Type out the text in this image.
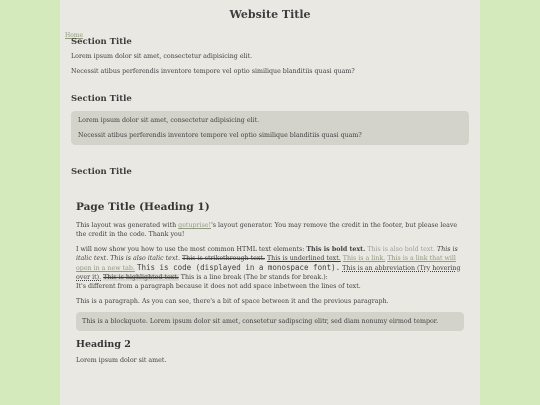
Website Title
Home
Section Title

Lorem ipsum dolor sit amet, consectetur adipisicing elit.

Necessit atibus perferendis inventore tempore vel optio similique blanditiis quasi quam?

Section Title

Lorem ipsum dolor sit amet, consectetur adipisicing elit.

Necessit atibus perferendis inventore tempore vel optio similique blanditiis quasi quam?

Section Title
Page Title (Heading 1)

This layout was generated with getuprise!'s layout generator. You may remove the credit in the footer, but please leave the credit in the code. Thank you!

I will now show you how to use the most common HTML text elements: This is bold text. This is also bold text. This is italic text. This is also italic text. This is strikethrough text. This is underlined text. This is a link. This is a link that will open in a new tab. This is code (displayed in a monospace font). This is an abbreviation (Try hovering over it). This is highlighted text. This is a line break (The br stands for break.):
It's different from a paragraph because it does not add space inbetween the lines of text.

This is a paragraph. As you can see, there's a bit of space between it and the previous paragraph.

This is a blockquote. Lorem ipsum dolor sit amet, consetetur sadipscing elitr, sed diam nonumy eirmod tempor.
Heading 2

Lorem ipsum dolor sit amet.
